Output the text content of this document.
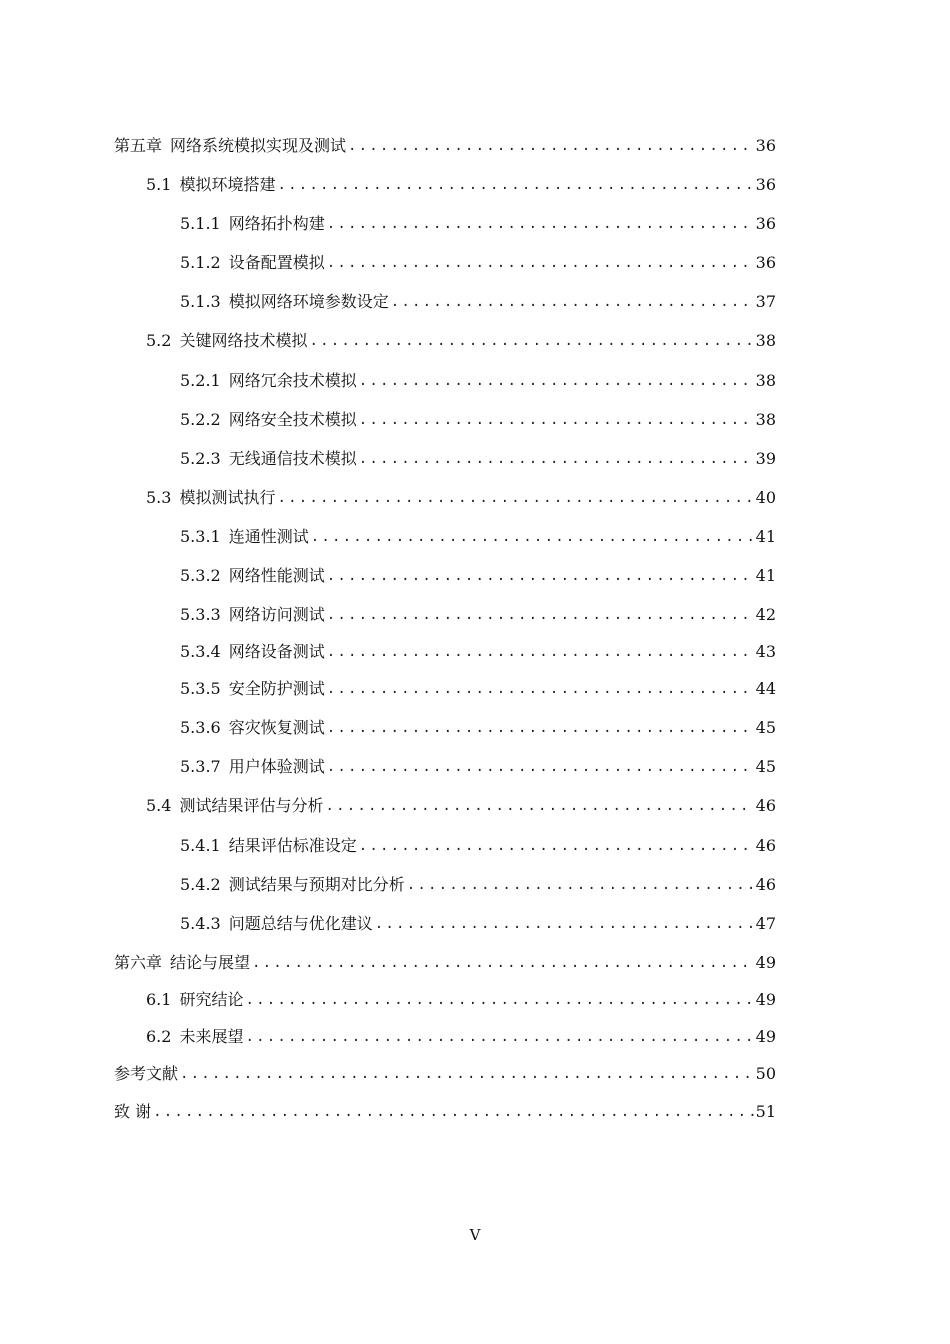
第五章 网络系统模拟实现及测试 .....	36
5.1 模拟环境搭建 .....	36
5.1.1 网络拓扑构建 .....	36
5.1.2 设备配置模拟 .....	36
5.1.3 模拟网络环境参数设定 .....	37
5.2 关键网络技术模拟 .....	38
5.2.1 网络冗余技术模拟 .....	38
5.2.2 网络安全技术模拟 .....	38
5.2.3 无线通信技术模拟 .....	39
5.3 模拟测试执行 .....	40
5.3.1 连通性测试 .....	41
5.3.2 网络性能测试 .....	41
5.3.3 网络访问测试 .....	42
5.3.4 网络设备测试 .....	43
5.3.5 安全防护测试 .....	44
5.3.6 容灾恢复测试 .....	45
5.3.7 用户体验测试 .....	45
5.4 测试结果评估与分析 .....	46
5.4.1 结果评估标准设定 .....	46
5.4.2 测试结果与预期对比分析 .....	46
5.4.3 问题总结与优化建议 .....	47
第六章 结论与展望 .....	49
6.1 研究结论 .....	49
6.2 未来展望 .....	49
参考文献 .....	50
致 谢 .....	51
V
